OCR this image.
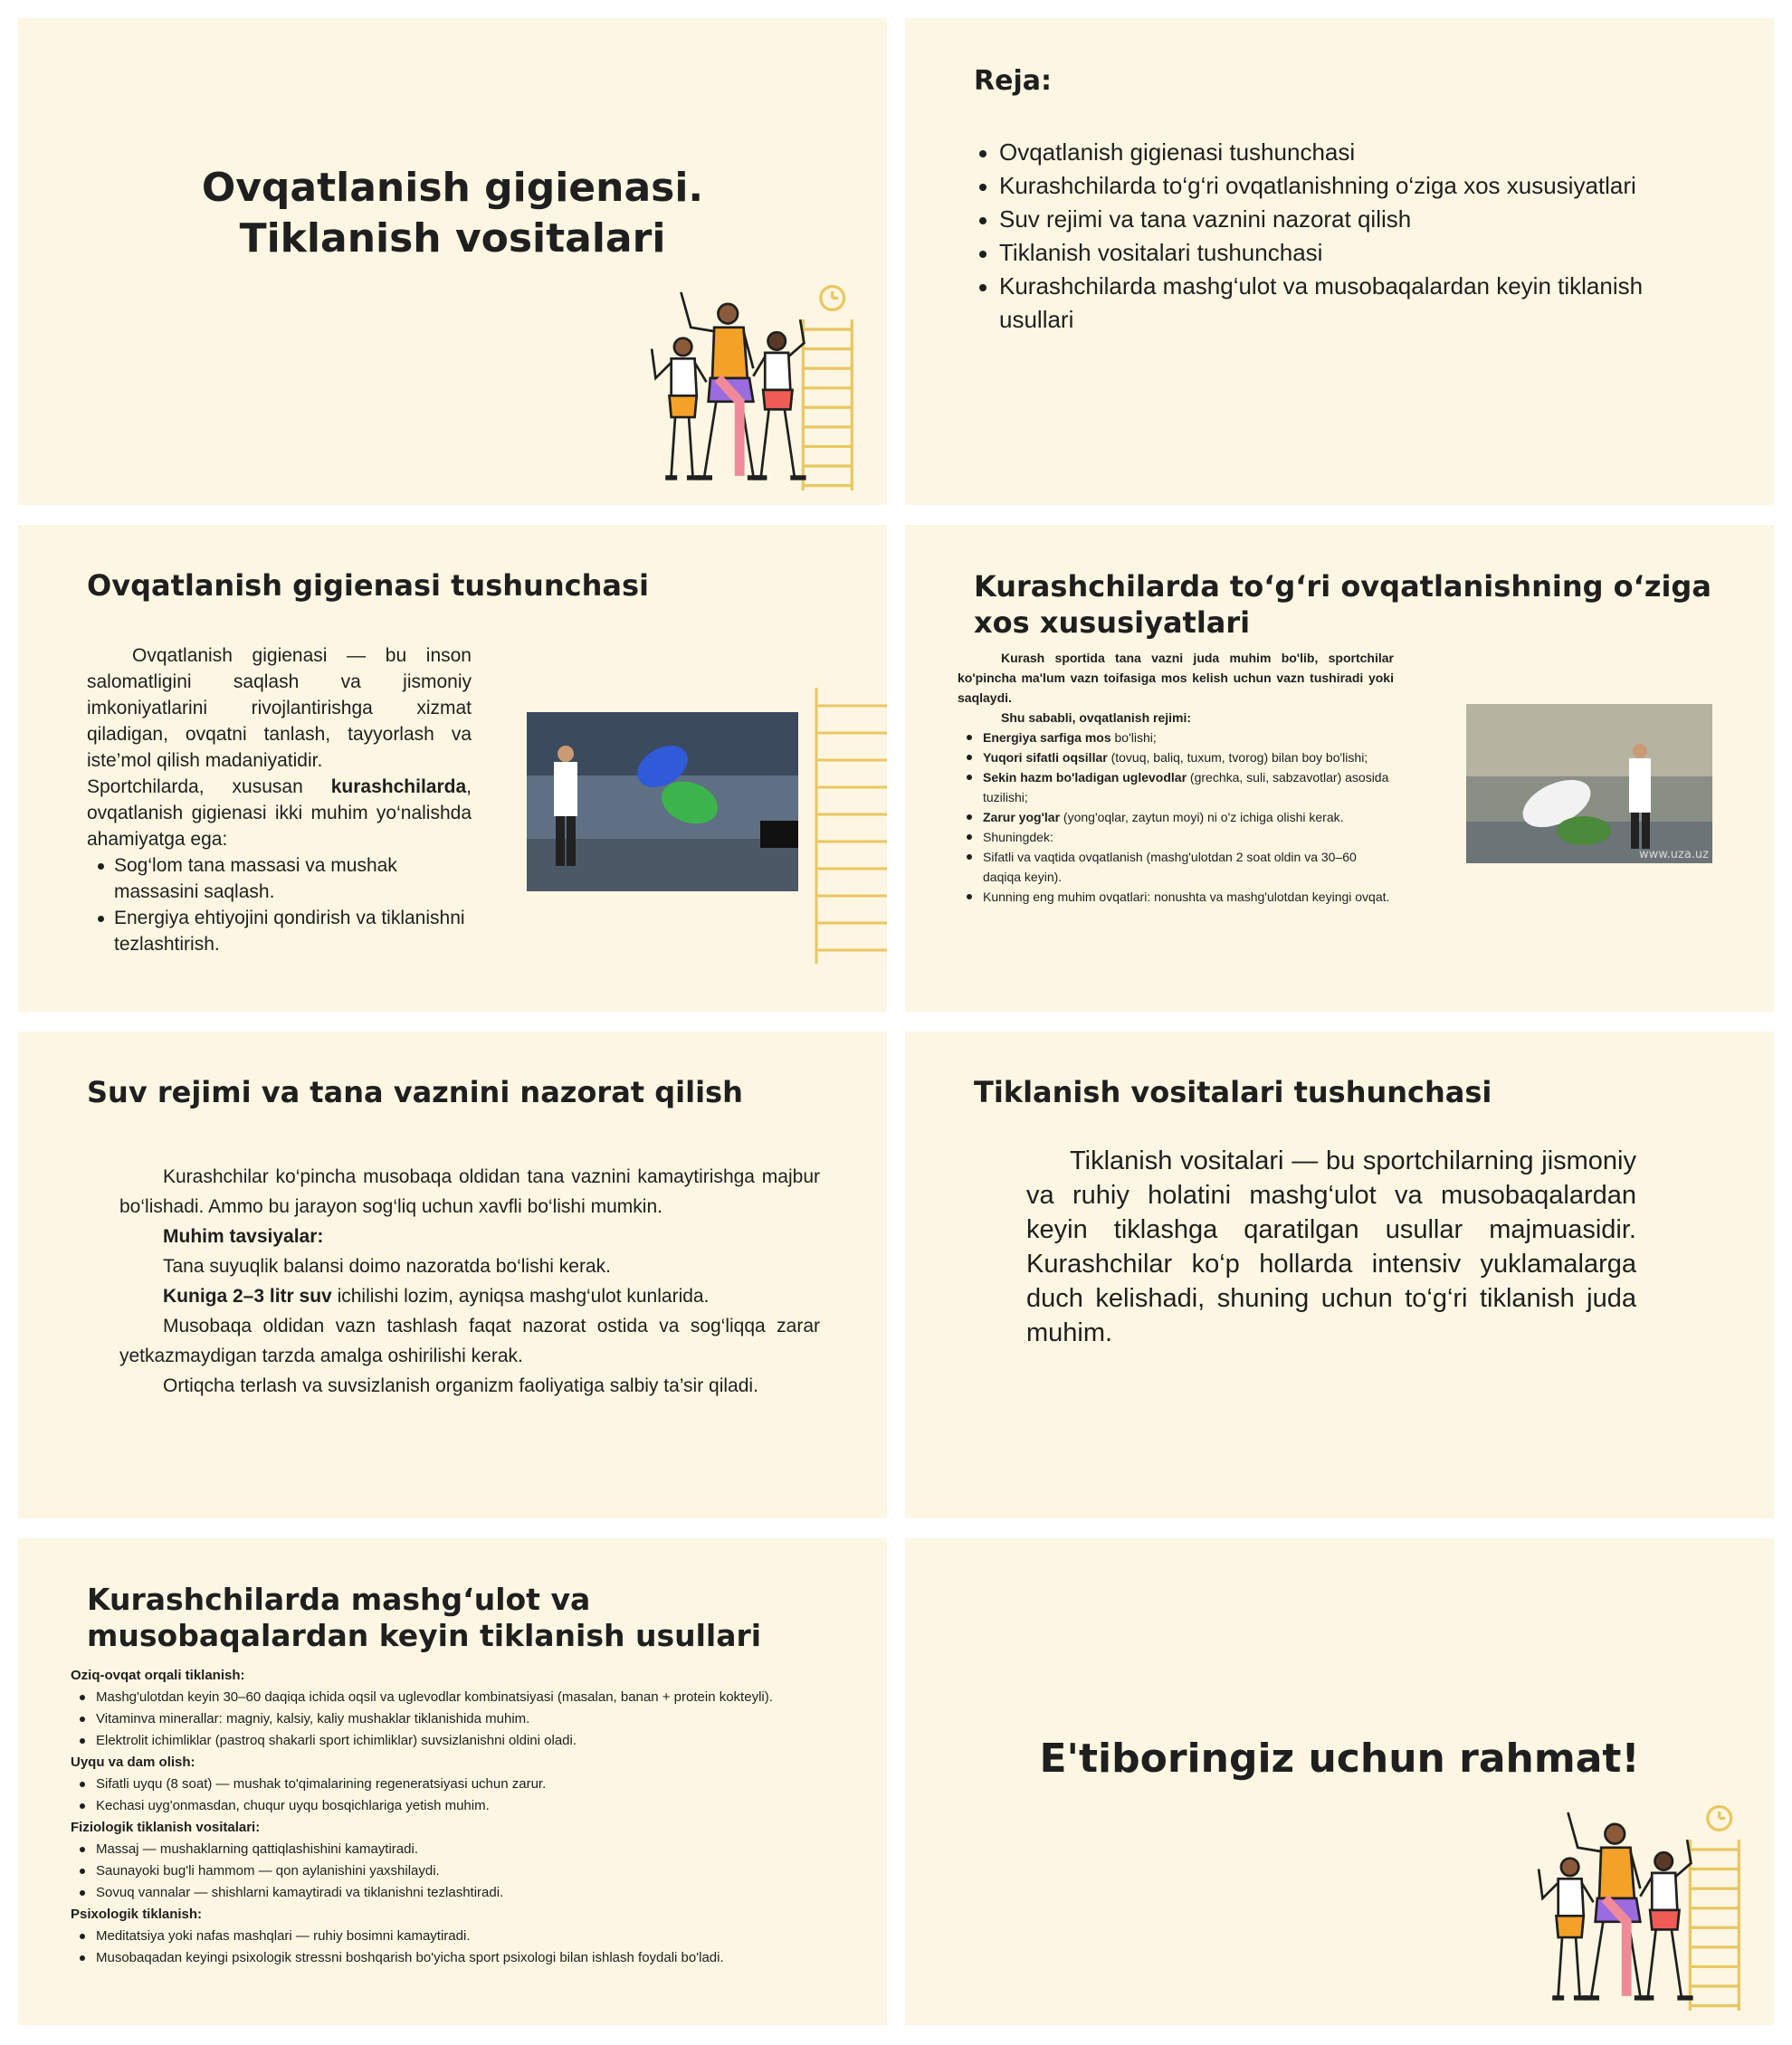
Ovqatlanish gigienasi.
Tiklanish vositalari
Reja:
Ovqatlanish gigienasi tushunchasi
Kurashchilarda to‘g‘ri ovqatlanishning o‘ziga xos xususiyatlari
Suv rejimi va tana vaznini nazorat qilish
Tiklanish vositalari tushunchasi
Kurashchilarda mashg‘ulot va musobaqalardan keyin tiklanish usullari
Ovqatlanish gigienasi tushunchasi

Ovqatlanish gigienasi — bu inson salomatligini saqlash va jismoniy imkoniyatlarini rivojlantirishga xizmat qiladigan, ovqatni tanlash, tayyorlash va iste’mol qilish madaniyatidir.

Sportchilarda, xususan kurashchilarda, ovqatlanish gigienasi ikki muhim yo‘nalishda ahamiyatga ega:

Sog‘lom tana massasi va mushak massasini saqlash.
Energiya ehtiyojini qondirish va tiklanishni tezlashtirish.
Kurashchilarda to‘g‘ri ovqatlanishning o‘ziga xos xususiyatlari

Kurash sportida tana vazni juda muhim bo'lib, sportchilar ko'pincha ma'lum vazn toifasiga mos kelish uchun vazn tushiradi yoki saqlaydi.

Shu sababli, ovqatlanish rejimi:

Energiya sarfiga mos bo'lishi;
Yuqori sifatli oqsillar (tovuq, baliq, tuxum, tvorog) bilan boy bo'lishi;
Sekin hazm bo'ladigan uglevodlar (grechka, suli, sabzavotlar) asosida tuzilishi;
Zarur yog'lar (yong'oqlar, zaytun moyi) ni o'z ichiga olishi kerak.
Shuningdek:
Sifatli va vaqtida ovqatlanish (mashg'ulotdan 2 soat oldin va 30–60 daqiqa keyin).
Kunning eng muhim ovqatlari: nonushta va mashg'ulotdan keyingi ovqat.
www.uza.uz
Suv rejimi va tana vaznini nazorat qilish

Kurashchilar ko‘pincha musobaqa oldidan tana vaznini kamaytirishga majbur bo‘lishadi. Ammo bu jarayon sog‘liq uchun xavfli bo‘lishi mumkin.

Muhim tavsiyalar:

Tana suyuqlik balansi doimo nazoratda bo‘lishi kerak.

Kuniga 2–3 litr suv ichilishi lozim, ayniqsa mashg‘ulot kunlarida.

Musobaqa oldidan vazn tashlash faqat nazorat ostida va sog‘liqqa zarar yetkazmaydigan tarzda amalga oshirilishi kerak.

Ortiqcha terlash va suvsizlanish organizm faoliyatiga salbiy ta’sir qiladi.

Tiklanish vositalari tushunchasi

Tiklanish vositalari — bu sportchilarning jismoniy va ruhiy holatini mashg‘ulot va musobaqalardan keyin tiklashga qaratilgan usullar majmuasidir. Kurashchilar ko‘p hollarda intensiv yuklamalarga duch kelishadi, shuning uchun to‘g‘ri tiklanish juda muhim.

Kurashchilarda mashg‘ulot va musobaqalardan keyin tiklanish usullari
Oziq-ovqat orqali tiklanish:
Mashg'ulotdan keyin 30–60 daqiqa ichida oqsil va uglevodlar kombinatsiyasi (masalan, banan + protein kokteyli).
Vitaminva minerallar: magniy, kalsiy, kaliy mushaklar tiklanishida muhim.
Elektrolit ichimliklar (pastroq shakarli sport ichimliklar) suvsizlanishni oldini oladi.
Uyqu va dam olish:
Sifatli uyqu (8 soat) — mushak to'qimalarining regeneratsiyasi uchun zarur.
Kechasi uyg'onmasdan, chuqur uyqu bosqichlariga yetish muhim.
Fiziologik tiklanish vositalari:
Massaj — mushaklarning qattiqlashishini kamaytiradi.
Saunayoki bug'li hammom — qon aylanishini yaxshilaydi.
Sovuq vannalar — shishlarni kamaytiradi va tiklanishni tezlashtiradi.
Psixologik tiklanish:
Meditatsiya yoki nafas mashqlari — ruhiy bosimni kamaytiradi.
Musobaqadan keyingi psixologik stressni boshqarish bo'yicha sport psixologi bilan ishlash foydali bo'ladi.
E'tiboringiz uchun rahmat!
